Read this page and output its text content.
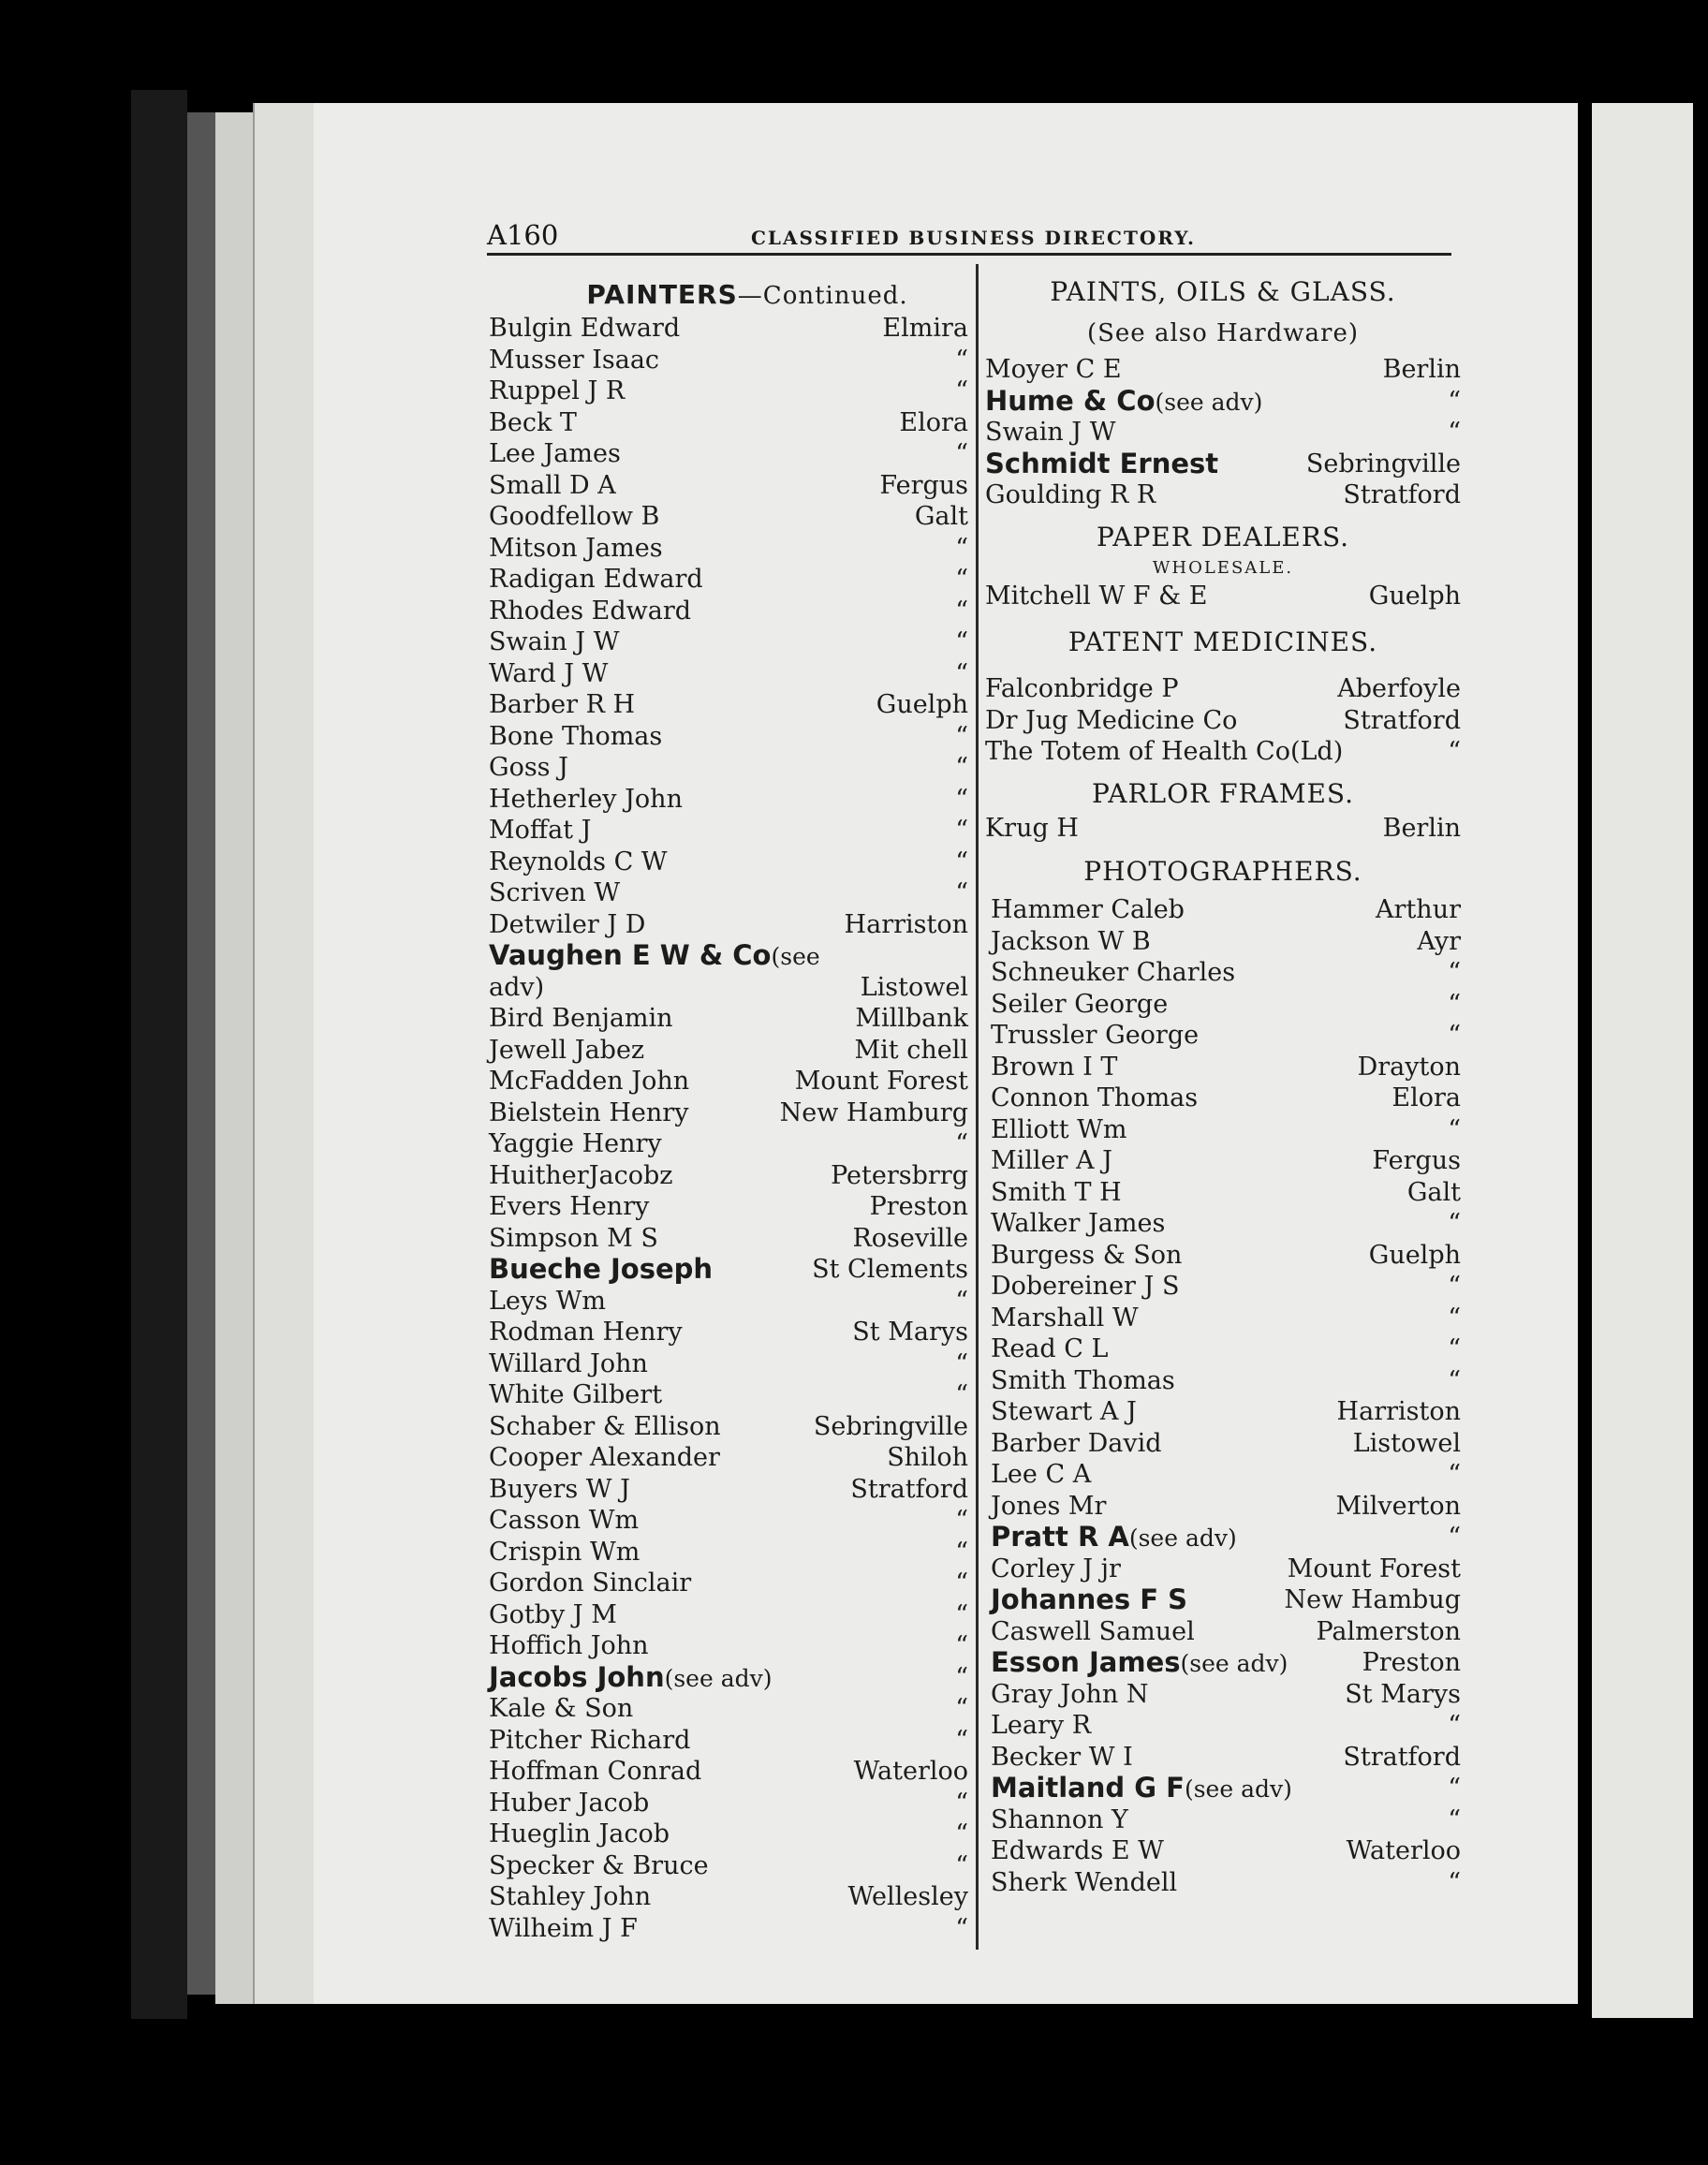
A160	CLASSIFIED BUSINESS DIRECTORY.
PAINTERS—Continued.
Bulgin Edward	Elmira
Musser Isaac	“
Ruppel J R	“
Beck T	Elora
Lee James	“
Small D A	Fergus
Goodfellow B	Galt
Mitson James	“
Radigan Edward	“
Rhodes Edward	“
Swain J W	“
Ward J W	“
Barber R H	Guelph
Bone Thomas	“
Goss J	“
Hetherley John	“
Moffat J	“
Reynolds C W	“
Scriven W	“
Detwiler J D	Harriston
Vaughen E W & Co(see
adv)	Listowel
Bird Benjamin	Millbank
Jewell Jabez	Mit chell
McFadden John	Mount Forest
Bielstein Henry	New Hamburg
Yaggie Henry	“
HuitherJacobz	Petersbrrg
Evers Henry	Preston
Simpson M S	Roseville
Bueche Joseph	St Clements
Leys Wm	“
Rodman Henry	St Marys
Willard John	“
White Gilbert	“
Schaber & Ellison	Sebringville
Cooper Alexander	Shiloh
Buyers W J	Stratford
Casson Wm	“
Crispin Wm	“
Gordon Sinclair	“
Gotby J M	“
Hoffich John	“
Jacobs John(see adv)	“
Kale & Son	“
Pitcher Richard	“
Hoffman Conrad	Waterloo
Huber Jacob	“
Hueglin Jacob	“
Specker & Bruce	“
Stahley John	Wellesley
Wilheim J F	“
PAINTS, OILS & GLASS.
(See also Hardware)
Moyer C E	Berlin
Hume & Co(see adv)	“
Swain J W	“
Schmidt Ernest	Sebringville
Goulding R R	Stratford
PAPER DEALERS.
WHOLESALE.
Mitchell W F & E	Guelph
PATENT MEDICINES.
Falconbridge P	Aberfoyle
Dr Jug Medicine Co	Stratford
The Totem of Health Co(Ld)	“
PARLOR FRAMES.
Krug H	Berlin
PHOTOGRAPHERS.
Hammer Caleb	Arthur
Jackson W B	Ayr
Schneuker Charles	“
Seiler George	“
Trussler George	“
Brown I T	Drayton
Connon Thomas	Elora
Elliott Wm	“
Miller A J	Fergus
Smith T H	Galt
Walker James	“
Burgess & Son	Guelph
Dobereiner J S	“
Marshall W	“
Read C L	“
Smith Thomas	“
Stewart A J	Harriston
Barber David	Listowel
Lee C A	“
Jones Mr	Milverton
Pratt R A(see adv)	“
Corley J jr	Mount Forest
Johannes F S	New Hambug
Caswell Samuel	Palmerston
Esson James(see adv)	Preston
Gray John N	St Marys
Leary R	“
Becker W I	Stratford
Maitland G F(see adv)	“
Shannon Y	“
Edwards E W	Waterloo
Sherk Wendell	“
